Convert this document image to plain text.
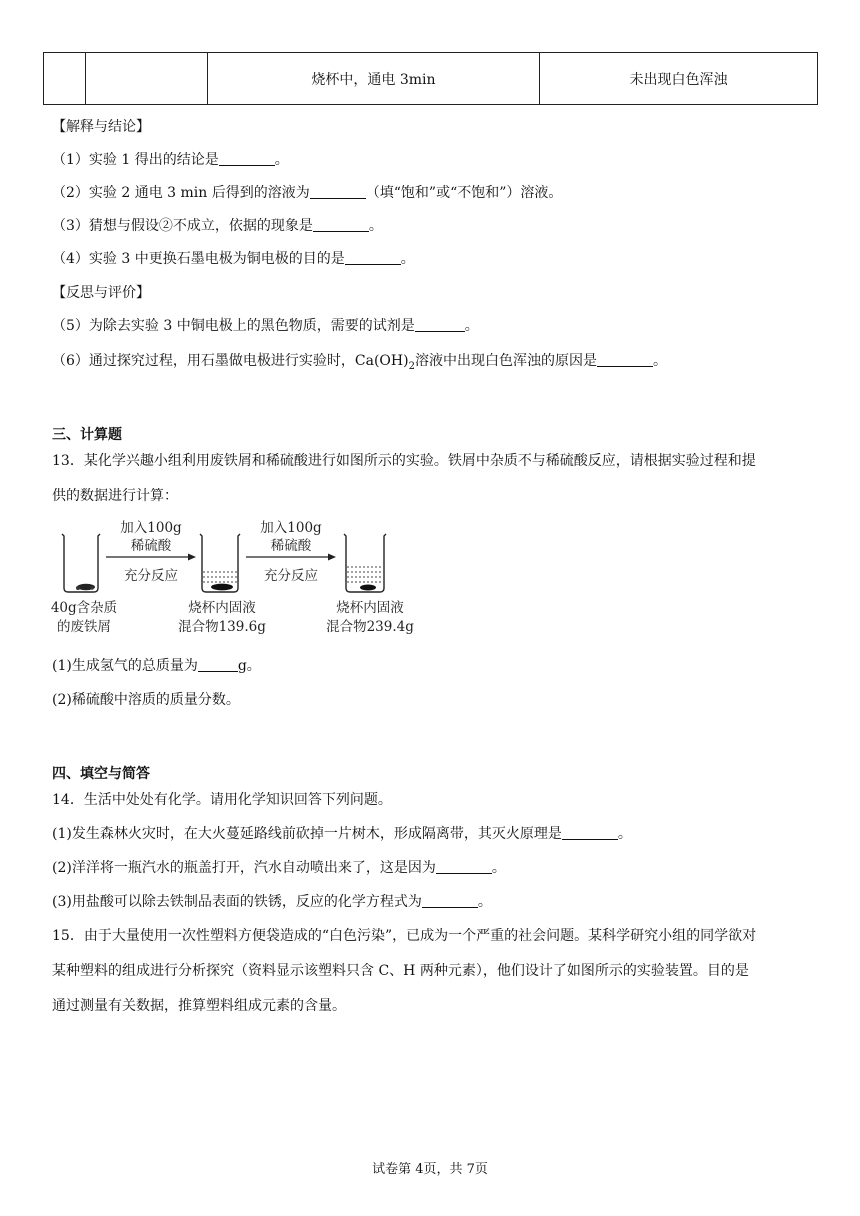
		烧杯中，通电 3min	未出现白色浑浊
【解释与结论】
（1）实验 1 得出的结论是	。
（2）实验 2 通电 3 min 后得到的溶液为	（填“饱和”或“不饱和”）溶液。
（3）猜想与假设②不成立，依据的现象是	。
（4）实验 3 中更换石墨电极为铜电极的目的是	。
【反思与评价】
（5）为除去实验 3 中铜电极上的黑色物质，需要的试剂是	。
（6）通过探究过程，用石墨做电极进行实验时，$Ca(OH)_2$溶液中出现白色浑浊的原因是	。
三、计算题
13．某化学兴趣小组利用废铁屑和稀硫酸进行如图所示的实验。铁屑中杂质不与稀硫酸反应，请根据实验过程和提
供的数据进行计算：
加入100g
稀硫酸
充分反应
加入100g
稀硫酸
充分反应
40g含杂质
的废铁屑
烧杯内固液
混合物139.6g
烧杯内固液
混合物239.4g
(1)生成氢气的总质量为	g。
(2)稀硫酸中溶质的质量分数。
四、填空与简答
14．生活中处处有化学。请用化学知识回答下列问题。
(1)发生森林火灾时，在大火蔓延路线前砍掉一片树木，形成隔离带，其灭火原理是	。
(2)洋洋将一瓶汽水的瓶盖打开，汽水自动喷出来了，这是因为	。
(3)用盐酸可以除去铁制品表面的铁锈，反应的化学方程式为	。
15．由于大量使用一次性塑料方便袋造成的“白色污染”，已成为一个严重的社会问题。某科学研究小组的同学欲对
某种塑料的组成进行分析探究（资料显示该塑料只含 C、H 两种元素），他们设计了如图所示的实验装置。目的是
通过测量有关数据，推算塑料组成元素的含量。
试卷第 4页，共 7页
